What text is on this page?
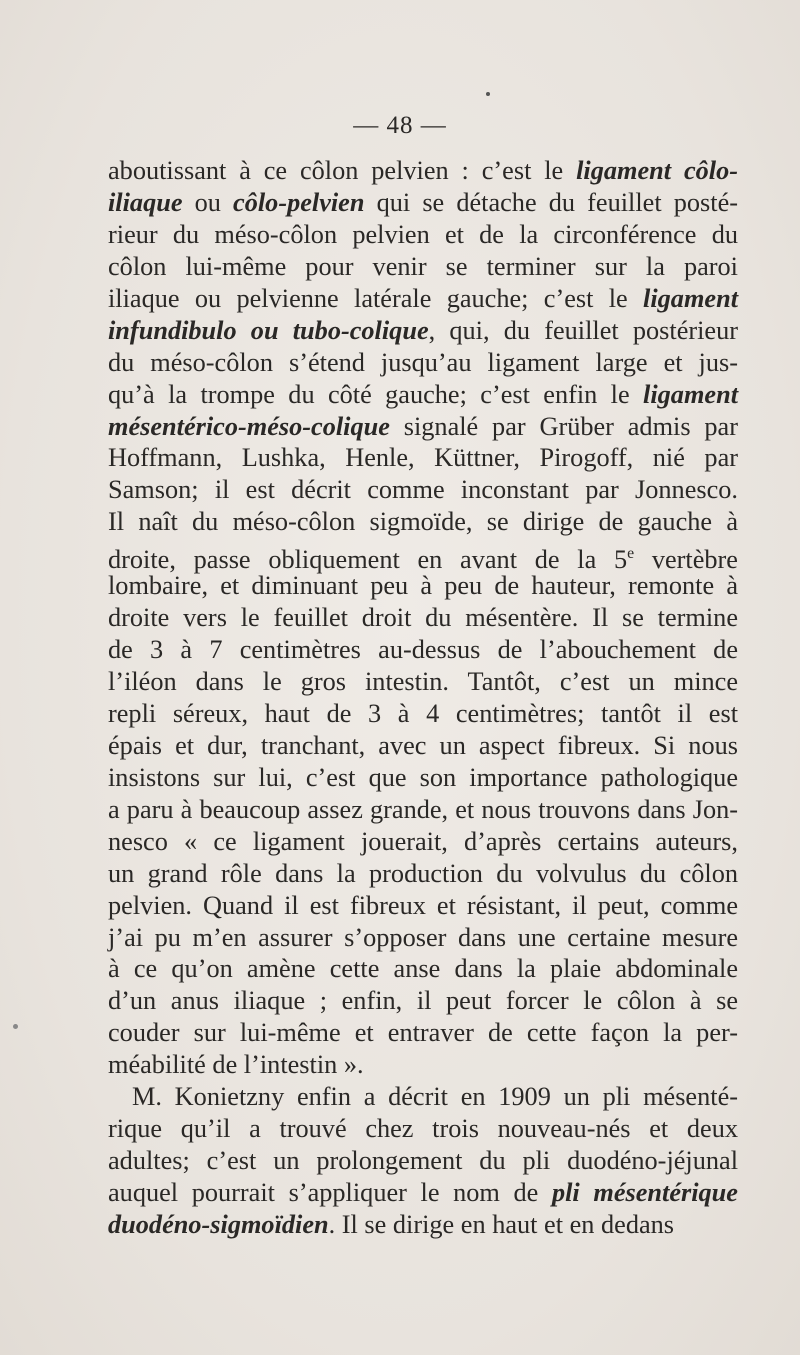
— 48 —
aboutissant à ce côlon pelvien : c’est le ligament côlo-
iliaque ou côlo-pelvien qui se détache du feuillet posté-
rieur du méso-côlon pelvien et de la circonférence du
côlon lui-même pour venir se terminer sur la paroi
iliaque ou pelvienne latérale gauche; c’est le ligament
infundibulo ou tubo-colique, qui, du feuillet postérieur
du méso-côlon s’étend jusqu’au ligament large et jus-
qu’à la trompe du côté gauche; c’est enfin le ligament
mésentérico-méso-colique signalé par Grüber admis par
Hoffmann, Lushka, Henle, Küttner, Pirogoff, nié par
Samson; il est décrit comme inconstant par Jonnesco.
Il naît du méso-côlon sigmoïde, se dirige de gauche à
droite, passe obliquement en avant de la 5e vertèbre
lombaire, et diminuant peu à peu de hauteur, remonte à
droite vers le feuillet droit du mésentère. Il se termine
de 3 à 7 centimètres au-dessus de l’abouchement de
l’iléon dans le gros intestin. Tantôt, c’est un mince
repli séreux, haut de 3 à 4 centimètres; tantôt il est
épais et dur, tranchant, avec un aspect fibreux. Si nous
insistons sur lui, c’est que son importance pathologique
a paru à beaucoup assez grande, et nous trouvons dans Jon-
nesco « ce ligament jouerait, d’après certains auteurs,
un grand rôle dans la production du volvulus du côlon
pelvien. Quand il est fibreux et résistant, il peut, comme
j’ai pu m’en assurer s’opposer dans une certaine mesure
à ce qu’on amène cette anse dans la plaie abdominale
d’un anus iliaque ; enfin, il peut forcer le côlon à se
couder sur lui-même et entraver de cette façon la per-
méabilité de l’intestin ».
M. Konietzny enfin a décrit en 1909 un pli mésenté-
rique qu’il a trouvé chez trois nouveau-nés et deux
adultes; c’est un prolongement du pli duodéno-jéjunal
auquel pourrait s’appliquer le nom de pli mésentérique
duodéno-sigmoïdien. Il se dirige en haut et en dedans
